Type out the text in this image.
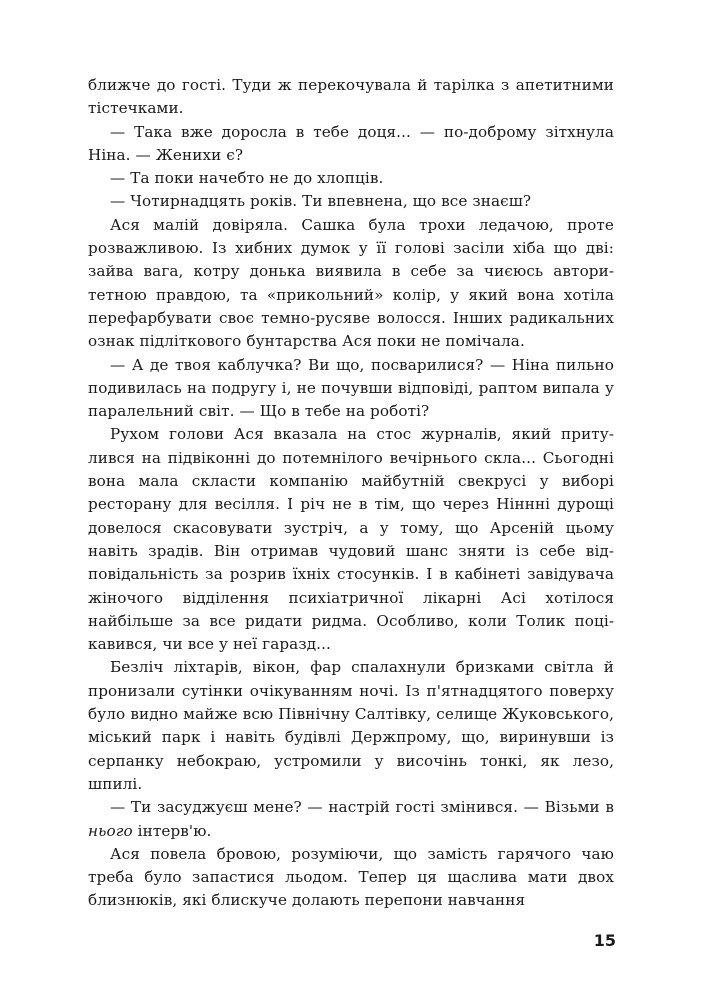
ближче до гості. Туди ж перекочувала й тарілка з апетитними тістечками.

— Така вже доросла в тебе доця... — по-доброму зітхнула Ніна. — Женихи є?

— Та поки начебто не до хлопців.

— Чотирнадцять років. Ти впевнена, що все знаєш?

Ася малій довіряла. Сашка була трохи ледачою, проте розважливою. Із хибних думок у її голові засіли хіба що дві: зайва вага, котру донька виявила в себе за чиєюсь авторитетною правдою, та «прикольний» колір, у який вона хотіла перефарбувати своє темно-русяве волосся. Інших радикальних ознак підліткового бунтарства Ася поки не помічала.

— А де твоя каблучка? Ви що, посварилися? — Ніна пильно подивилась на подругу і, не почувши відповіді, раптом випала у паралельний світ. — Що в тебе на роботі?

Рухом голови Ася вказала на стос журналів, який притулився на підвіконні до потемнілого вечірнього скла... Сьогодні вона мала скласти компанію майбутній свекрусі у виборі ресторану для весілля. І річ не в тім, що через Ніннні дурощі довелося скасовувати зустріч, а у тому, що Арсеній цьому навіть зрадів. Він отримав чудовий шанс зняти із себе відповідальність за розрив їхніх стосунків. І в кабінеті завідувача жіночого відділення психіатричної лікарні Асі хотілося найбільше за все ридати ридма. Особливо, коли Толик поцікавився, чи все у неї гаразд...

Безліч ліхтарів, вікон, фар спалахнули бризками світла й пронизали сутінки очікуванням ночі. Із п'ятнадцятого поверху було видно майже всю Північну Салтівку, селище Жуковського, міський парк і навіть будівлі Держпрому, що, виринувши із серпанку небокраю, устромили у височінь тонкі, як лезо, шпилі.

— Ти засуджуєш мене? — настрій гості змінився. — Візьми в нього інтерв'ю.

Ася повела бровою, розуміючи, що замість гарячого чаю треба було запастися льодом. Тепер ця щаслива мати двох близнюків, які блискуче долають перепони навчання

15
